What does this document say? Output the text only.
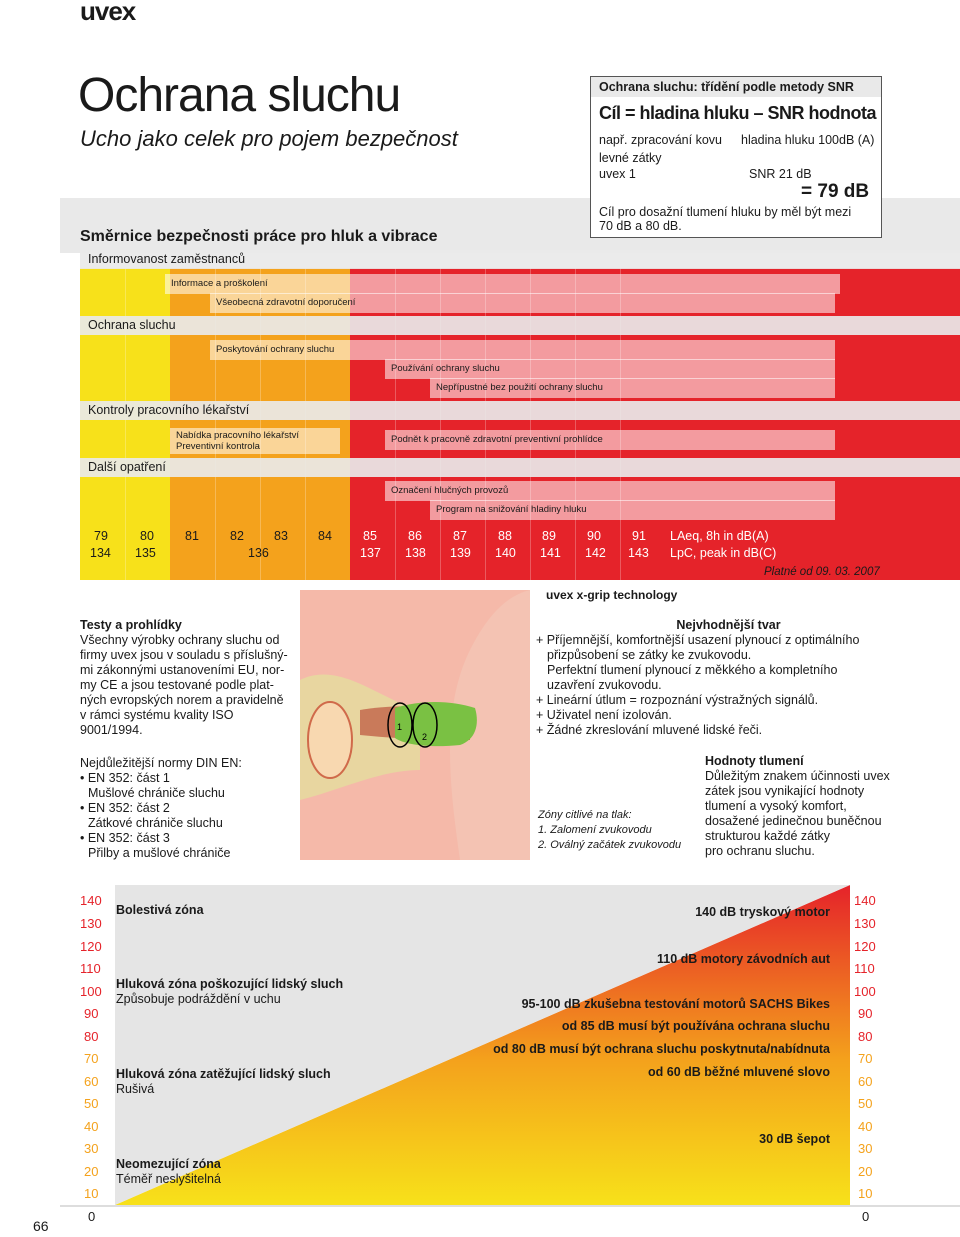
uvex
Ochrana sluchu
Ucho jako celek pro pojem bezpečnost
Směrnice bezpečnosti práce pro hluk a vibrace
Ochrana sluchu: třídění podle metody SNR
Cíl = hladina hluku – SNR hodnota
např. zpracování kovu hladina hluku 100dB (A)
levné zátky
uvex 1	SNR 21 dB
= 79 dB
Cíl pro dosažní tlumení hluku by měl být mezi 70 dB a 80 dB.
Informovanost zaměstnanců
Informace a proškolení
Všeobecná zdravotní doporučení
Ochrana sluchu
Poskytování ochrany sluchu
Používání ochrany sluchu
Nepřípustné bez použití ochrany sluchu
Kontroly pracovního lékařství
Nabídka pracovního lékařství
Preventivní kontrola
Podnět k pracovně zdravotní preventivní prohlídce
Další opatření
Označení hlučných provozů
Program na snižování hladiny hluku
79	80 81 82 83 84 85 86 87 88 89 90 91 LAeq, 8h in dB(A)
134 135	136	137 138 139 140 141 142 143 LpC, peak in dB(C)
Platné od 09. 03. 2007
uvex x-grip technology
Testy a prohlídky
Všechny výrobky ochrany sluchu od
firmy uvex jsou v souladu s příslušný-
mi zákonnými ustanoveními EU, nor-
my CE a jsou testované podle plat-
ných evropských norem a pravidelně
v rámci systému kvality ISO
9001/1994.
Nejdůležitější normy DIN EN:
• EN 352: část 1
Mušlové chrániče sluchu
• EN 352: část 2
Zátkové chrániče sluchu
• EN 352: část 3
Přilby a mušlové chrániče
1
2
Nejvhodnější tvar
+ Příjemnější, komfortnější usazení plynoucí z optimálního
přizpůsobení se zátky ke zvukovodu.
Perfektní tlumení plynoucí z měkkého a kompletního
uzavření zvukovodu.
+ Lineární útlum = rozpoznání výstražných signálů.
+ Uživatel není izolován.
+ Žádné zkreslování mluvené lidské řeči.
Zóny citlivé na tlak:
1. Zalomení zvukovodu
2. Oválný začátek zvukovodu
Hodnoty tlumení
Důležitým znakem účinnosti uvex
zátek jsou vynikající hodnoty
tlumení a vysoký komfort,
dosažené jedinečnou buněčnou
strukturou každé zátky
pro ochranu sluchu.
140
130
120
110
100
90
80
70
60
50
40
30
20
10
0
140
130
120
110
100
90
80
70
60
50
40
30
20
10
0
Bolestivá zóna
Hluková zóna poškozující lidský sluch
Způsobuje podráždění v uchu
Hluková zóna zatěžující lidský sluch
Rušivá
Neomezující zóna
Téměř neslyšitelná
140 dB tryskový motor
110 dB motory závodních aut
95-100 dB zkušebna testování motorů SACHS Bikes
od 85 dB musí být používána ochrana sluchu
od 80 dB musí být ochrana sluchu poskytnuta/nabídnuta
od 60 dB běžné mluvené slovo
30 dB šepot
66
